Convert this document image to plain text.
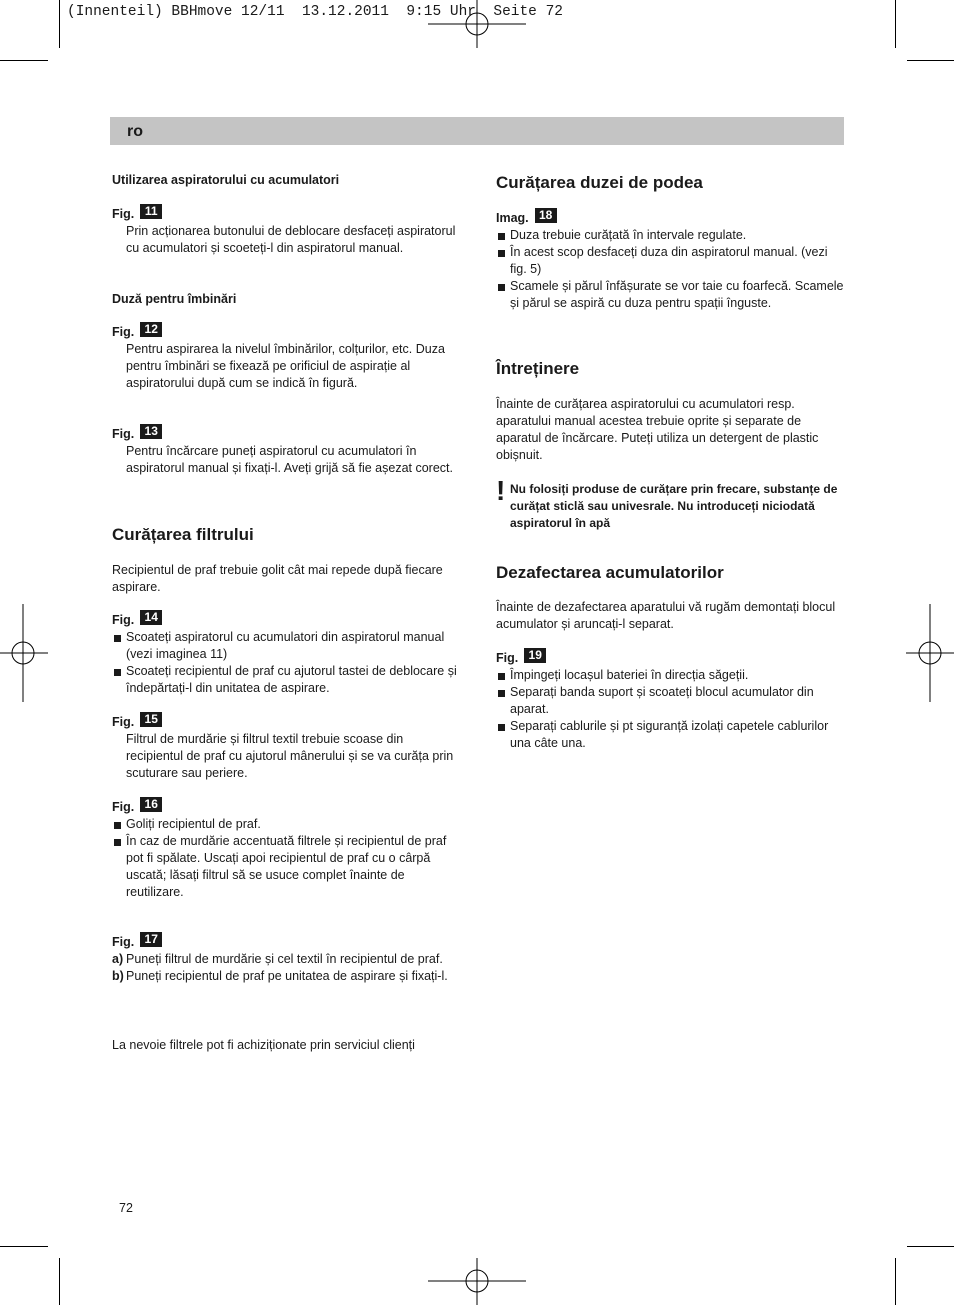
(Innenteil) BBHmove 12/11  13.12.2011  9:15 Uhr  Seite 72
ro
Utilizarea aspiratorului cu acumulatori
Fig. 11
Prin acționarea butonului de deblocare desfaceți aspiratorul cu acumulatori și scoeteți-l din aspiratorul manual.
Duză pentru îmbinări
Fig. 12
Pentru aspirarea la nivelul îmbinărilor, colțurilor, etc. Duza pentru îmbinări se fixează pe orificiul de aspirație al aspiratorului după cum se indică în figură.
Fig. 13
Pentru încărcare puneți aspiratorul cu acumulatori în aspiratorul manual și fixați-l. Aveți grijă să fie așezat corect.
Curățarea filtrului
Recipientul de praf trebuie golit cât mai repede după fiecare aspirare.
Fig. 14
Scoateți aspiratorul cu acumulatori din aspiratorul manual (vezi imaginea 11)
Scoateți recipientul de praf cu ajutorul tastei de deblocare și îndepărtați-l din unitatea de aspirare.
Fig. 15
Filtrul de murdărie și filtrul textil trebuie scoase din recipientul de praf cu ajutorul mânerului și se va curăța prin scuturare sau periere.
Fig. 16
Goliți recipientul de praf.
În caz de murdărie accentuată filtrele și recipientul de praf pot fi spălate. Uscați apoi recipientul de praf cu o cârpă uscată; lăsați filtrul să se usuce complet înainte de reutilizare.
Fig. 17
a) Puneți filtrul de murdărie și cel textil în recipientul de praf.
b) Puneți recipientul de praf pe unitatea de aspirare și fixați-l.
La nevoie filtrele pot fi achiziționate prin serviciul clienți
Curățarea duzei de podea
Imag. 18
Duza trebuie curățată în intervale regulate.
În acest scop desfaceți duza din aspiratorul manual. (vezi fig. 5)
Scamele și părul înfășurate se vor taie cu foarfecă. Scamele și părul se aspiră cu duza pentru spații înguste.
Întreținere
Înainte de curățarea aspiratorului cu acumulatori resp. aparatului manual acestea trebuie oprite și separate de aparatul de încărcare. Puteți utiliza un detergent de plastic obișnuit.
! Nu folosiți produse de curățare prin frecare, substanțe de curățat sticlă sau univesrale. Nu introduceți niciodată aspiratorul în apă
Dezafectarea acumulatorilor
Înainte de dezafectarea aparatului vă rugăm demontați blocul acumulator și aruncați-l separat.
Fig. 19
Împingeți locașul bateriei în direcția săgeții.
Separați banda suport și scoateți blocul acumulator din aparat.
Separați cablurile și pt siguranță izolați capetele cablurilor una câte una.
72
